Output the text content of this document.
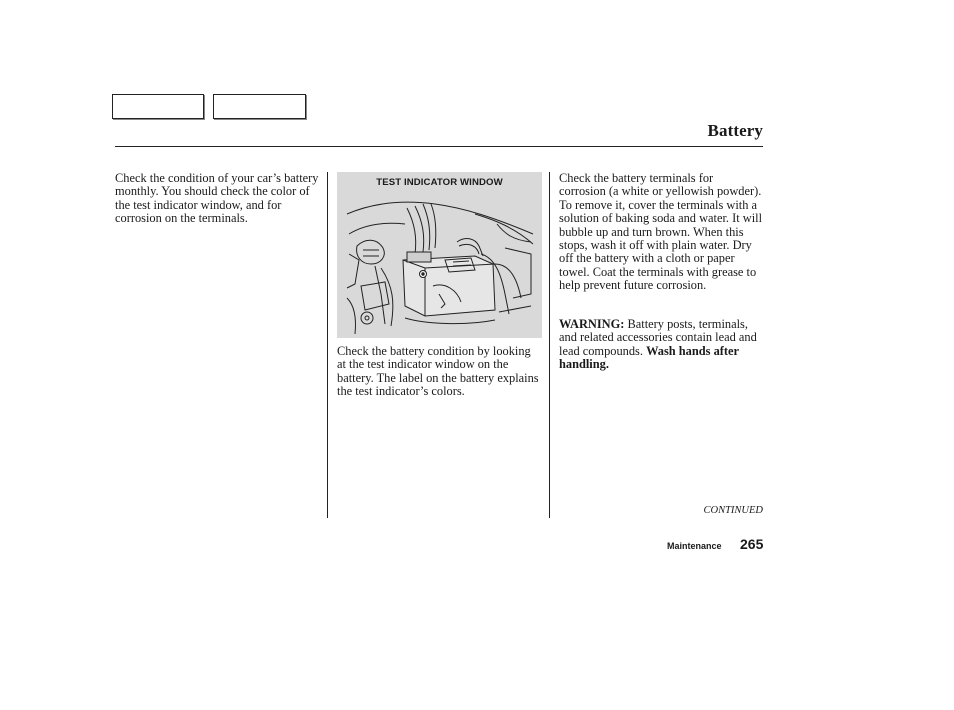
Battery

Check the condition of your car’s battery monthly. You should check the color of the test indicator window, and for corrosion on the terminals.

TEST INDICATOR WINDOW

Check the battery condition by looking at the test indicator window on the battery. The label on the battery explains the test indicator’s colors.

Check the battery terminals for corrosion (a white or yellowish powder). To remove it, cover the terminals with a solution of baking soda and water. It will bubble up and turn brown. When this stops, wash it off with plain water. Dry off the battery with a cloth or paper towel. Coat the terminals with grease to help prevent future corrosion.

WARNING: Battery posts, terminals, and related accessories contain lead and lead compounds. Wash hands after handling.

CONTINUED
Maintenance 265
